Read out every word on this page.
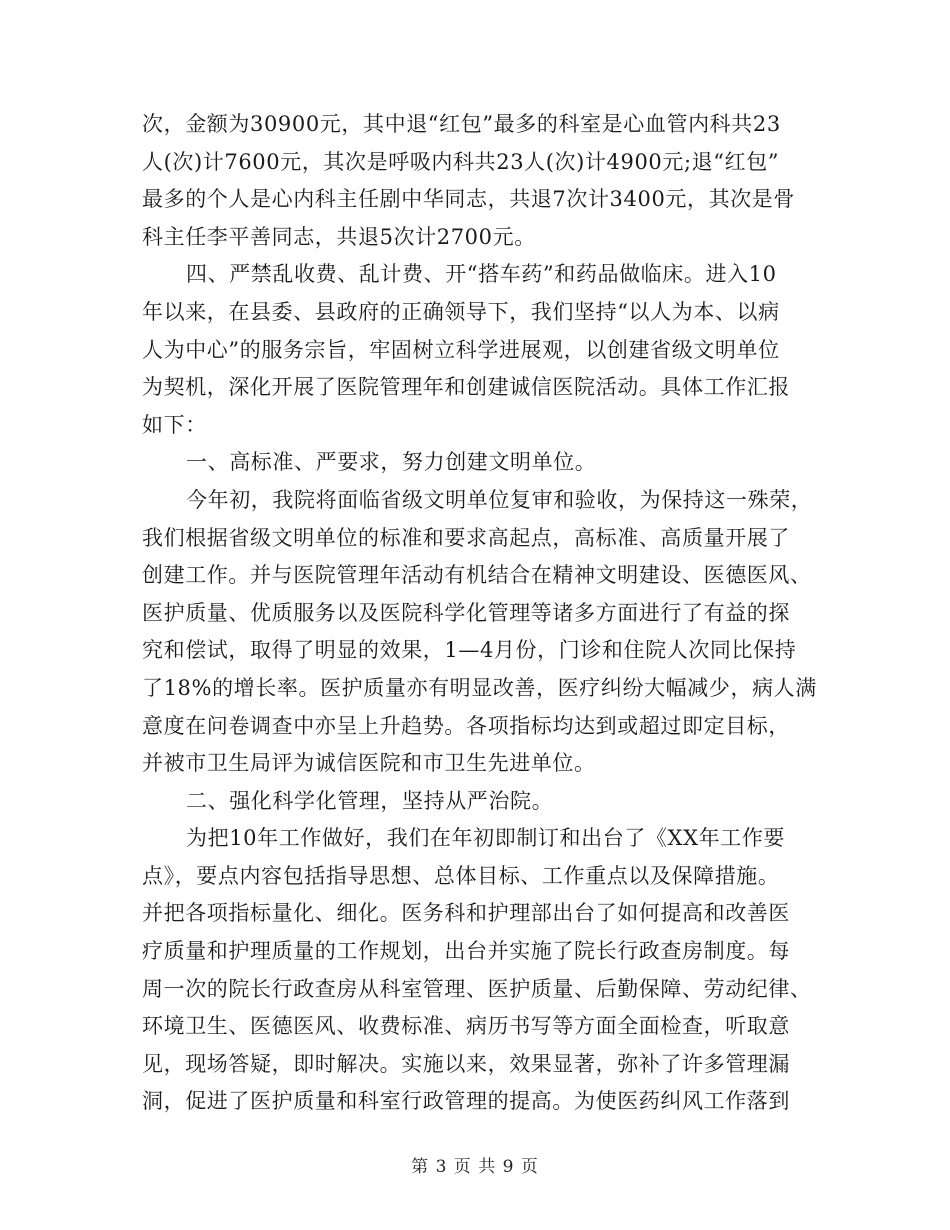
次，金额为30900元，其中退“红包”最多的科室是心血管内科共23
人(次)计7600元，其次是呼吸内科共23人(次)计4900元;退“红包”
最多的个人是心内科主任剧中华同志，共退7次计3400元，其次是骨
科主任李平善同志，共退5次计2700元。
四、严禁乱收费、乱计费、开“搭车药”和药品做临床。进入10
年以来，在县委、县政府的正确领导下，我们坚持“以人为本、以病
人为中心”的服务宗旨，牢固树立科学进展观，以创建省级文明单位
为契机，深化开展了医院管理年和创建诚信医院活动。具体工作汇报
如下：
一、高标准、严要求，努力创建文明单位。
今年初，我院将面临省级文明单位复审和验收，为保持这一殊荣，
我们根据省级文明单位的标准和要求高起点，高标准、高质量开展了
创建工作。并与医院管理年活动有机结合在精神文明建设、医德医风、
医护质量、优质服务以及医院科学化管理等诸多方面进行了有益的探
究和偿试，取得了明显的效果，1—4月份，门诊和住院人次同比保持
了18%的增长率。医护质量亦有明显改善，医疗纠纷大幅减少，病人满
意度在问卷调查中亦呈上升趋势。各项指标均达到或超过即定目标，
并被市卫生局评为诚信医院和市卫生先进单位。
二、强化科学化管理，坚持从严治院。
为把10年工作做好，我们在年初即制订和出台了《XX年工作要
点》，要点内容包括指导思想、总体目标、工作重点以及保障措施。
并把各项指标量化、细化。医务科和护理部出台了如何提高和改善医
疗质量和护理质量的工作规划，出台并实施了院长行政查房制度。每
周一次的院长行政查房从科室管理、医护质量、后勤保障、劳动纪律、
环境卫生、医德医风、收费标准、病历书写等方面全面检查，听取意
见，现场答疑，即时解决。实施以来，效果显著，弥补了许多管理漏
洞，促进了医护质量和科室行政管理的提高。为使医药纠风工作落到
第 3 页 共 9 页
